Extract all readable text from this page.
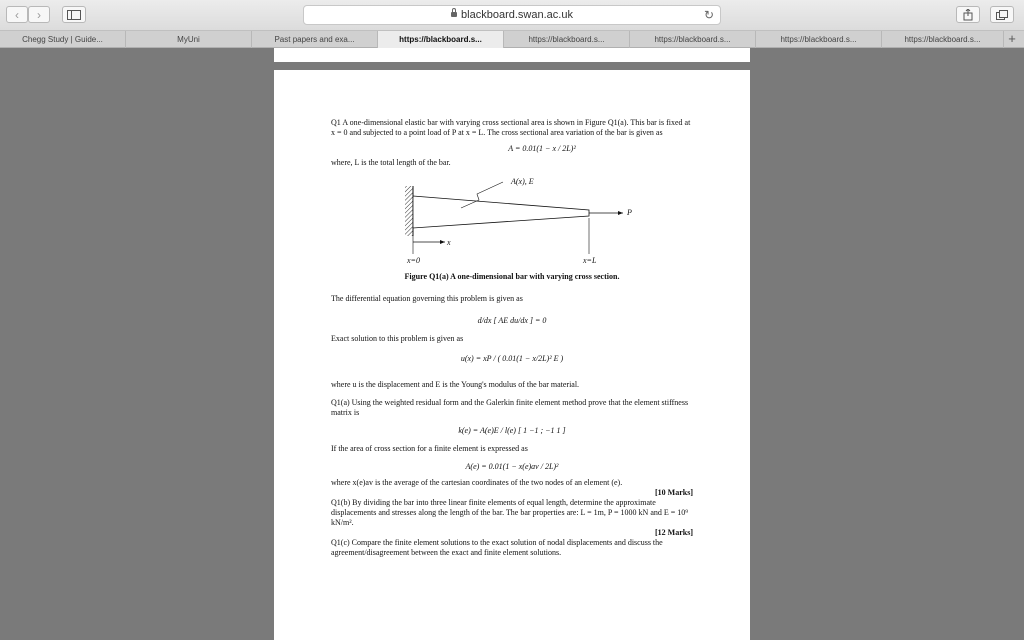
‹	›	blackboard.swan.ac.uk	↻
Chegg Study | Guide...	MyUni	Past papers and exa...	https://blackboard.s...	https://blackboard.s...	https://blackboard.s...	https://blackboard.s...	https://blackboard.s...	+

Q1 A one-dimensional elastic bar with varying cross sectional area is shown in Figure Q1(a). This bar is fixed at x = 0 and subjected to a point load of P at x = L. The cross sectional area variation of the bar is given as

A = 0.01(1 − x / 2L)²

where, L is the total length of the bar.

A(x), E
P
x
x=0	x=L

Figure Q1(a) A one-dimensional bar with varying cross section.

The differential equation governing this problem is given as

d/dx [ AE du/dx ] = 0

Exact solution to this problem is given as

u(x) = xP / ( 0.01(1 − x/2L)² E )

where u is the displacement and E is the Young's modulus of the bar material.

Q1(a) Using the weighted residual form and the Galerkin finite element method prove that the element stiffness matrix is

k(e) = A(e)E / l(e) [ 1 −1 ; −1 1 ]

If the area of cross section for a finite element is expressed as

A(e) = 0.01(1 − x(e)av / 2L)²

where x(e)av is the average of the cartesian coordinates of the two nodes of an element (e).

[10 Marks]

Q1(b) By dividing the bar into three linear finite elements of equal length, determine the approximate displacements and stresses along the length of the bar. The bar properties are: L = 1m, P = 1000 kN and E = 10⁹ kN/m².

[12 Marks]

Q1(c) Compare the finite element solutions to the exact solution of nodal displacements and discuss the agreement/disagreement between the exact and finite element solutions.
